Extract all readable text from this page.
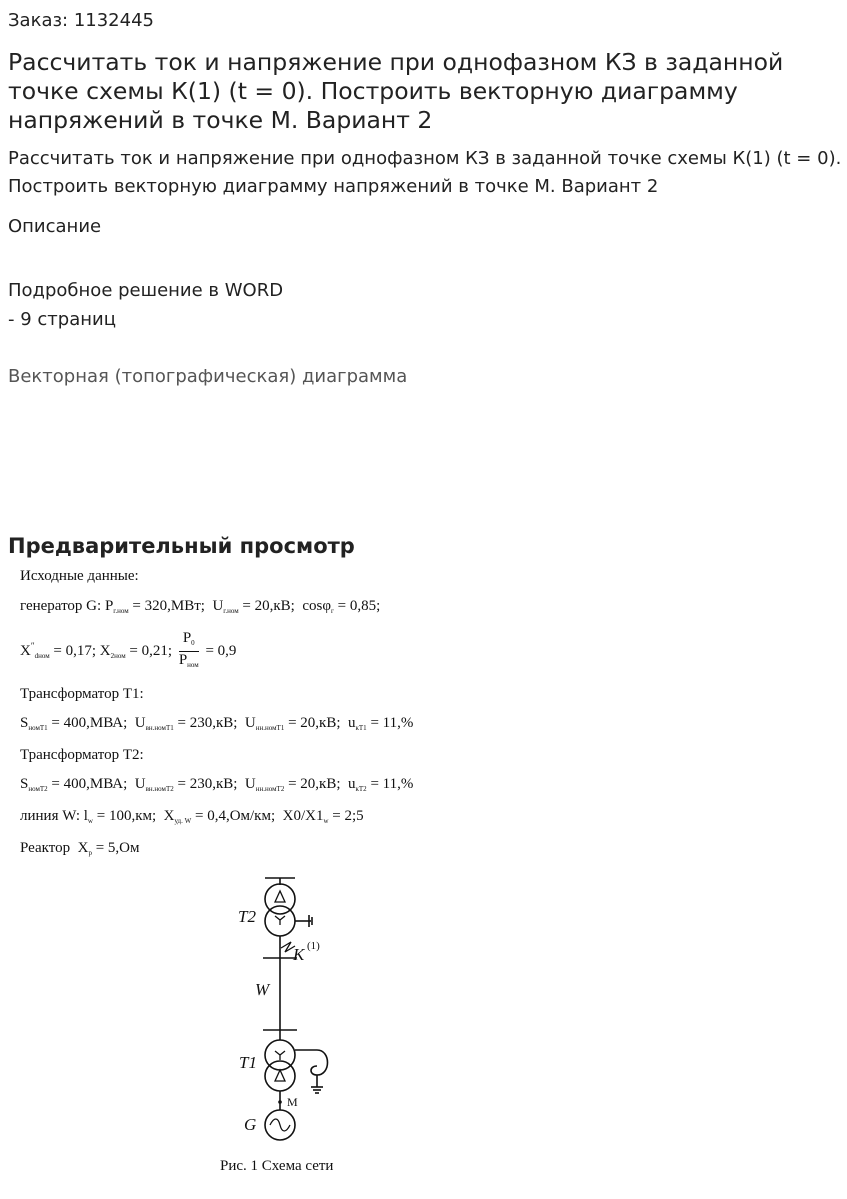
Заказ: 1132445
Рассчитать ток и напряжение при однофазном КЗ в заданной точке схемы К(1) (t = 0). Построить векторную диаграмму напряжений в точке М. Вариант 2
Рассчитать ток и напряжение при однофазном КЗ в заданной точке схемы К(1) (t = 0). Построить векторную диаграмму напряжений в точке М. Вариант 2
Описание
Подробное решение в WORD
- 9 страниц
Векторная (топографическая) диаграмма
Предварительный просмотр
Исходные данные:
генератор G: $P_{г.ном} = 320,МВт$;  $U_{г.ном} = 20,кВ$;  cosφ$_г$ = 0,85;
$X''_{dном} = 0,17$; $X_{2ном} = 0,21$; $\frac{P_0}{P_{ном}} = 0,9$
Трансформатор Т1:
$S_{номТ1} = 400,МВА$;  $U_{вн.номТ1} = 230,кВ$;  $U_{нн.номТ1} = 20,кВ$;  $u_{кТ1} = 11,\%$
Трансформатор Т2:
$S_{номТ2} = 400,МВА$;  $U_{вн.номТ2} = 230,кВ$;  $U_{нн.номТ2} = 20,кВ$;  $u_{кТ2} = 11,\%$
линия W: $l_w = 100,км$;  $X_{уд. W} = 0,4,Ом/км$; $X0/X1_w$ = 2;5
Реактор  $X_р = 5,Ом$
T2
K (1)
W
T1
M
G
Рис. 1 Схема сети
